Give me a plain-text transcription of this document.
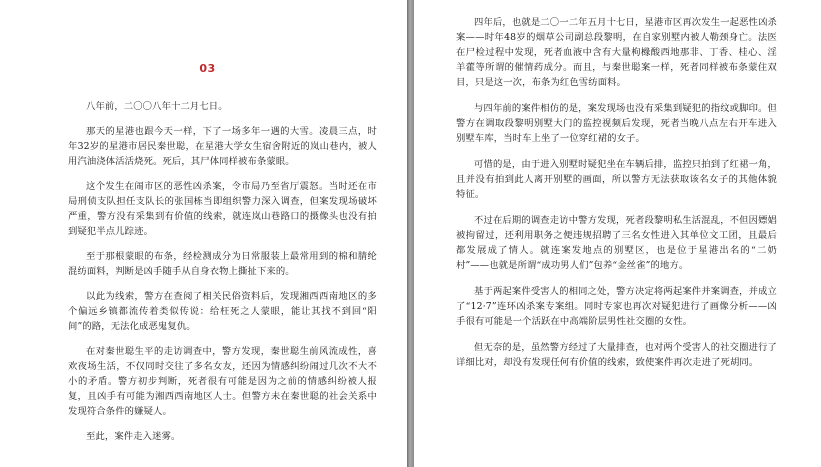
03

八年前，二〇〇八年十二月七日。

那天的星港也跟今天一样，下了一场多年一遇的大雪。凌晨三点，时年32岁的星港市居民秦世聪，在星港大学女生宿舍附近的岚山巷内，被人用汽油浇体活活烧死。死后，其尸体同样被布条蒙眼。

这个发生在闹市区的恶性凶杀案，令市局乃至省厅震怒。当时还在市局刑侦支队担任支队长的张国栋当即组织警力深入调查，但案发现场破坏严重，警方没有采集到有价值的线索，就连岚山巷路口的摄像头也没有拍到疑犯半点儿踪迹。

至于那根蒙眼的布条，经检测成分为日常服装上最常用到的棉和腈纶混纺面料，判断是凶手随手从自身衣物上撕扯下来的。

以此为线索，警方在查阅了相关民俗资料后，发现湘西西南地区的多个偏远乡镇都流传着类似传说：给枉死之人蒙眼，能让其找不到回“阳间”的路，无法化成恶鬼复仇。

在对秦世聪生平的走访调查中，警方发现，秦世聪生前风流成性，喜欢夜场生活，不仅同时交往了多名女友，还因为情感纠纷闹过几次不大不小的矛盾。警方初步判断，死者很有可能是因为之前的情感纠纷被人报复，且凶手有可能为湘西西南地区人士。但警方未在秦世聪的社会关系中发现符合条件的嫌疑人。

至此，案件走入迷雾。

四年后，也就是二〇一二年五月十七日，星港市区再次发生一起恶性凶杀案——时年48岁的烟草公司副总段黎明，在自家别墅内被人勒颈身亡。法医在尸检过程中发现，死者血液中含有大量枸橼酸西地那非、丁香、桂心、淫羊藿等所谓的催情药成分。而且，与秦世聪案一样，死者同样被布条蒙住双目，只是这一次，布条为红色雪纺面料。

与四年前的案件相仿的是，案发现场也没有采集到疑犯的指纹或脚印。但警方在调取段黎明别墅大门的监控视频后发现，死者当晚八点左右开车进入别墅车库，当时车上坐了一位穿红裙的女子。

可惜的是，由于进入别墅时疑犯坐在车辆后排，监控只拍到了红裙一角，且并没有拍到此人离开别墅的画面，所以警方无法获取该名女子的其他体貌特征。

不过在后期的调查走访中警方发现，死者段黎明私生活混乱，不但因嫖娼被拘留过，还利用职务之便违规招聘了三名女性进入其单位文工团，且最后都发展成了情人。就连案发地点的别墅区，也是位于星港出名的“二奶村”——也就是所谓“成功男人们”包养“金丝雀”的地方。

基于两起案件受害人的相同之处，警方决定将两起案件并案调查，并成立了“12·7”连环凶杀案专案组。同时专家也再次对疑犯进行了画像分析——凶手很有可能是一个活跃在中高端阶层男性社交圈的女性。

但无奈的是，虽然警方经过了大量排查，也对两个受害人的社交圈进行了详细比对，却没有发现任何有价值的线索，致使案件再次走进了死胡同。
